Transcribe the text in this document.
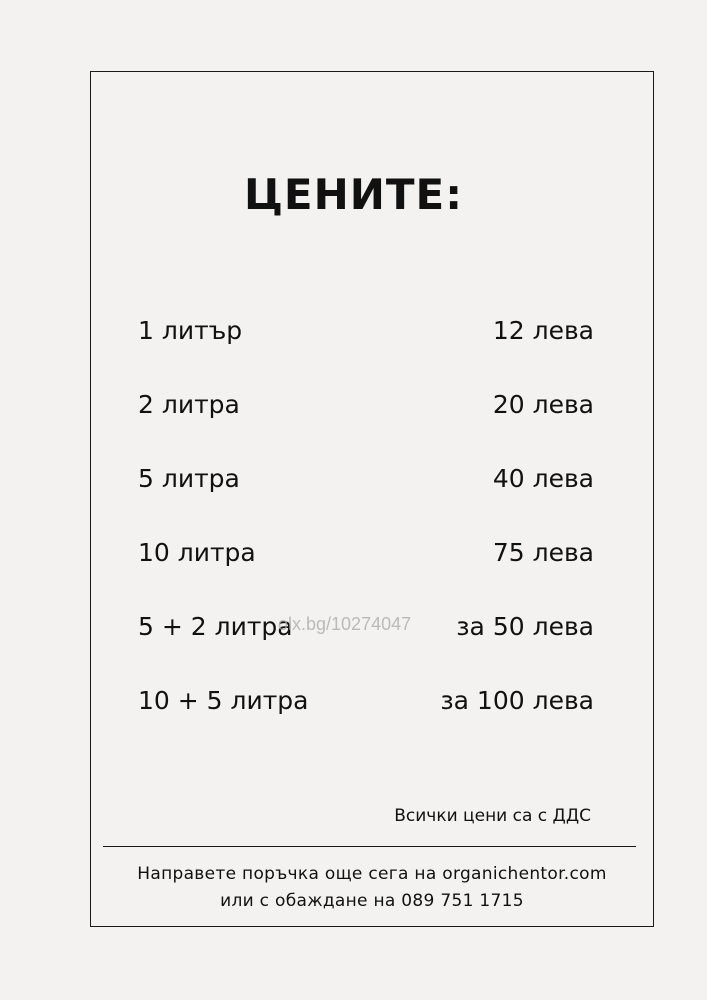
ЦЕНИТЕ:
1 литър	12 лева
2 литра	20 лева
5 литра	40 лева
10 литра	75 лева
5 + 2 литра	за 50 лева
10 + 5 литра	за 100 лева
olx.bg/10274047
Всички цени са с ДДС
Направете поръчка още сега на organichentor.com
или с обаждане на 089 751 1715
